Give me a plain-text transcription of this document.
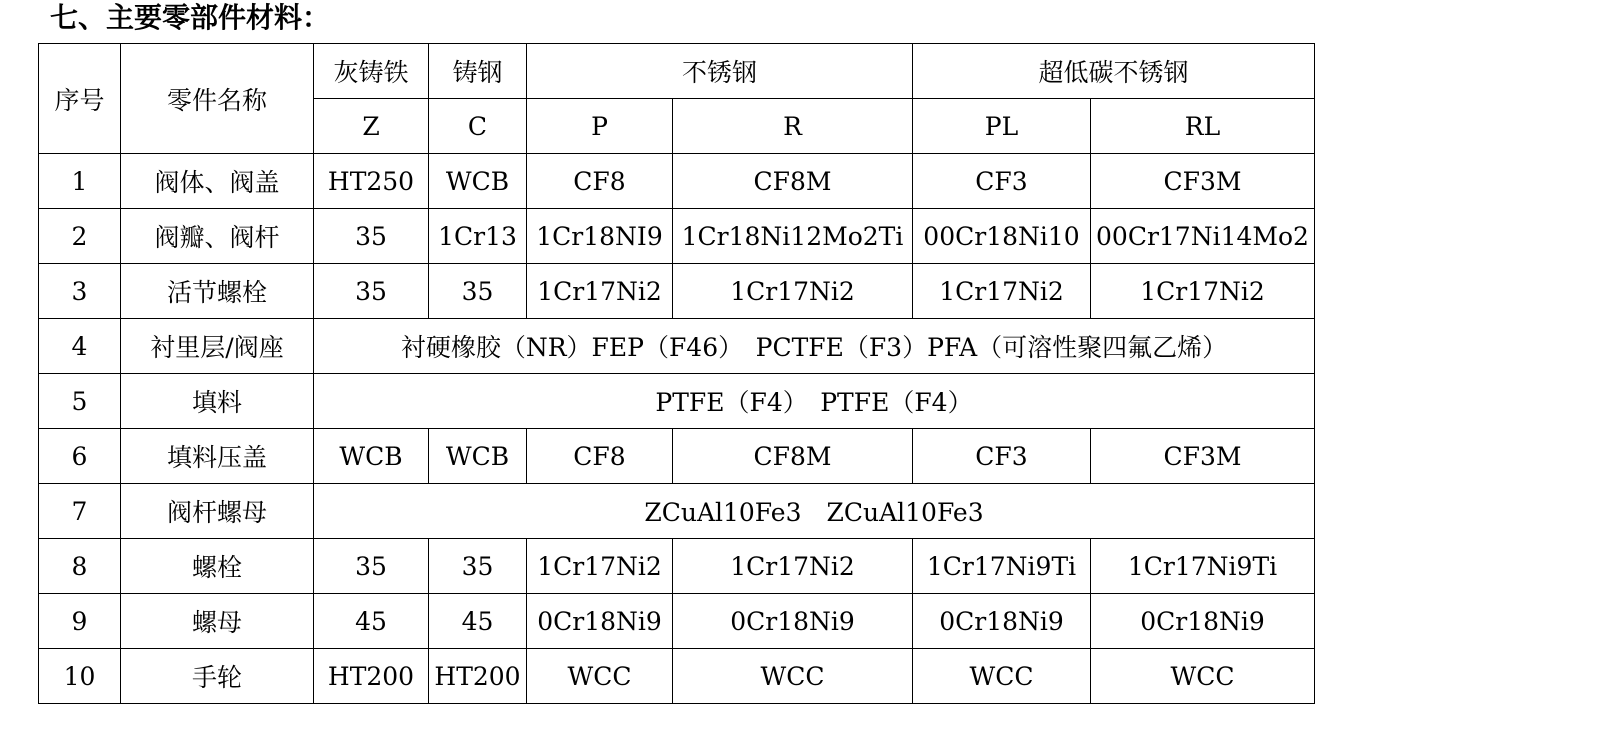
七、主要零部件材料：
序号	零件名称	灰铸铁	铸钢	不锈钢		超低碳不锈钢	
		Z	C	P	R	PL	RL
1	阀体、阀盖	HT250	WCB	CF8	CF8M	CF3	CF3M
2	阀瓣、阀杆	35	1Cr13	1Cr18NI9	1Cr18Ni12Mo2Ti	00Cr18Ni10	00Cr17Ni14Mo2
3	活节螺栓	35	35	1Cr17Ni2	1Cr17Ni2	1Cr17Ni2	1Cr17Ni2
4	衬里层/阀座	衬硬橡胶（NR）FEP（F46）　PCTFE（F3）PFA（可溶性聚四氟乙烯）					
5	填料	PTFE（F4）　PTFE（F4）					
6	填料压盖	WCB	WCB	CF8	CF8M	CF3	CF3M
7	阀杆螺母	ZCuAl10Fe3　ZCuAl10Fe3					
8	螺栓	35	35	1Cr17Ni2	1Cr17Ni2	1Cr17Ni9Ti	1Cr17Ni9Ti
9	螺母	45	45	0Cr18Ni9	0Cr18Ni9	0Cr18Ni9	0Cr18Ni9
10	手轮	HT200	HT200	WCC	WCC	WCC	WCC
